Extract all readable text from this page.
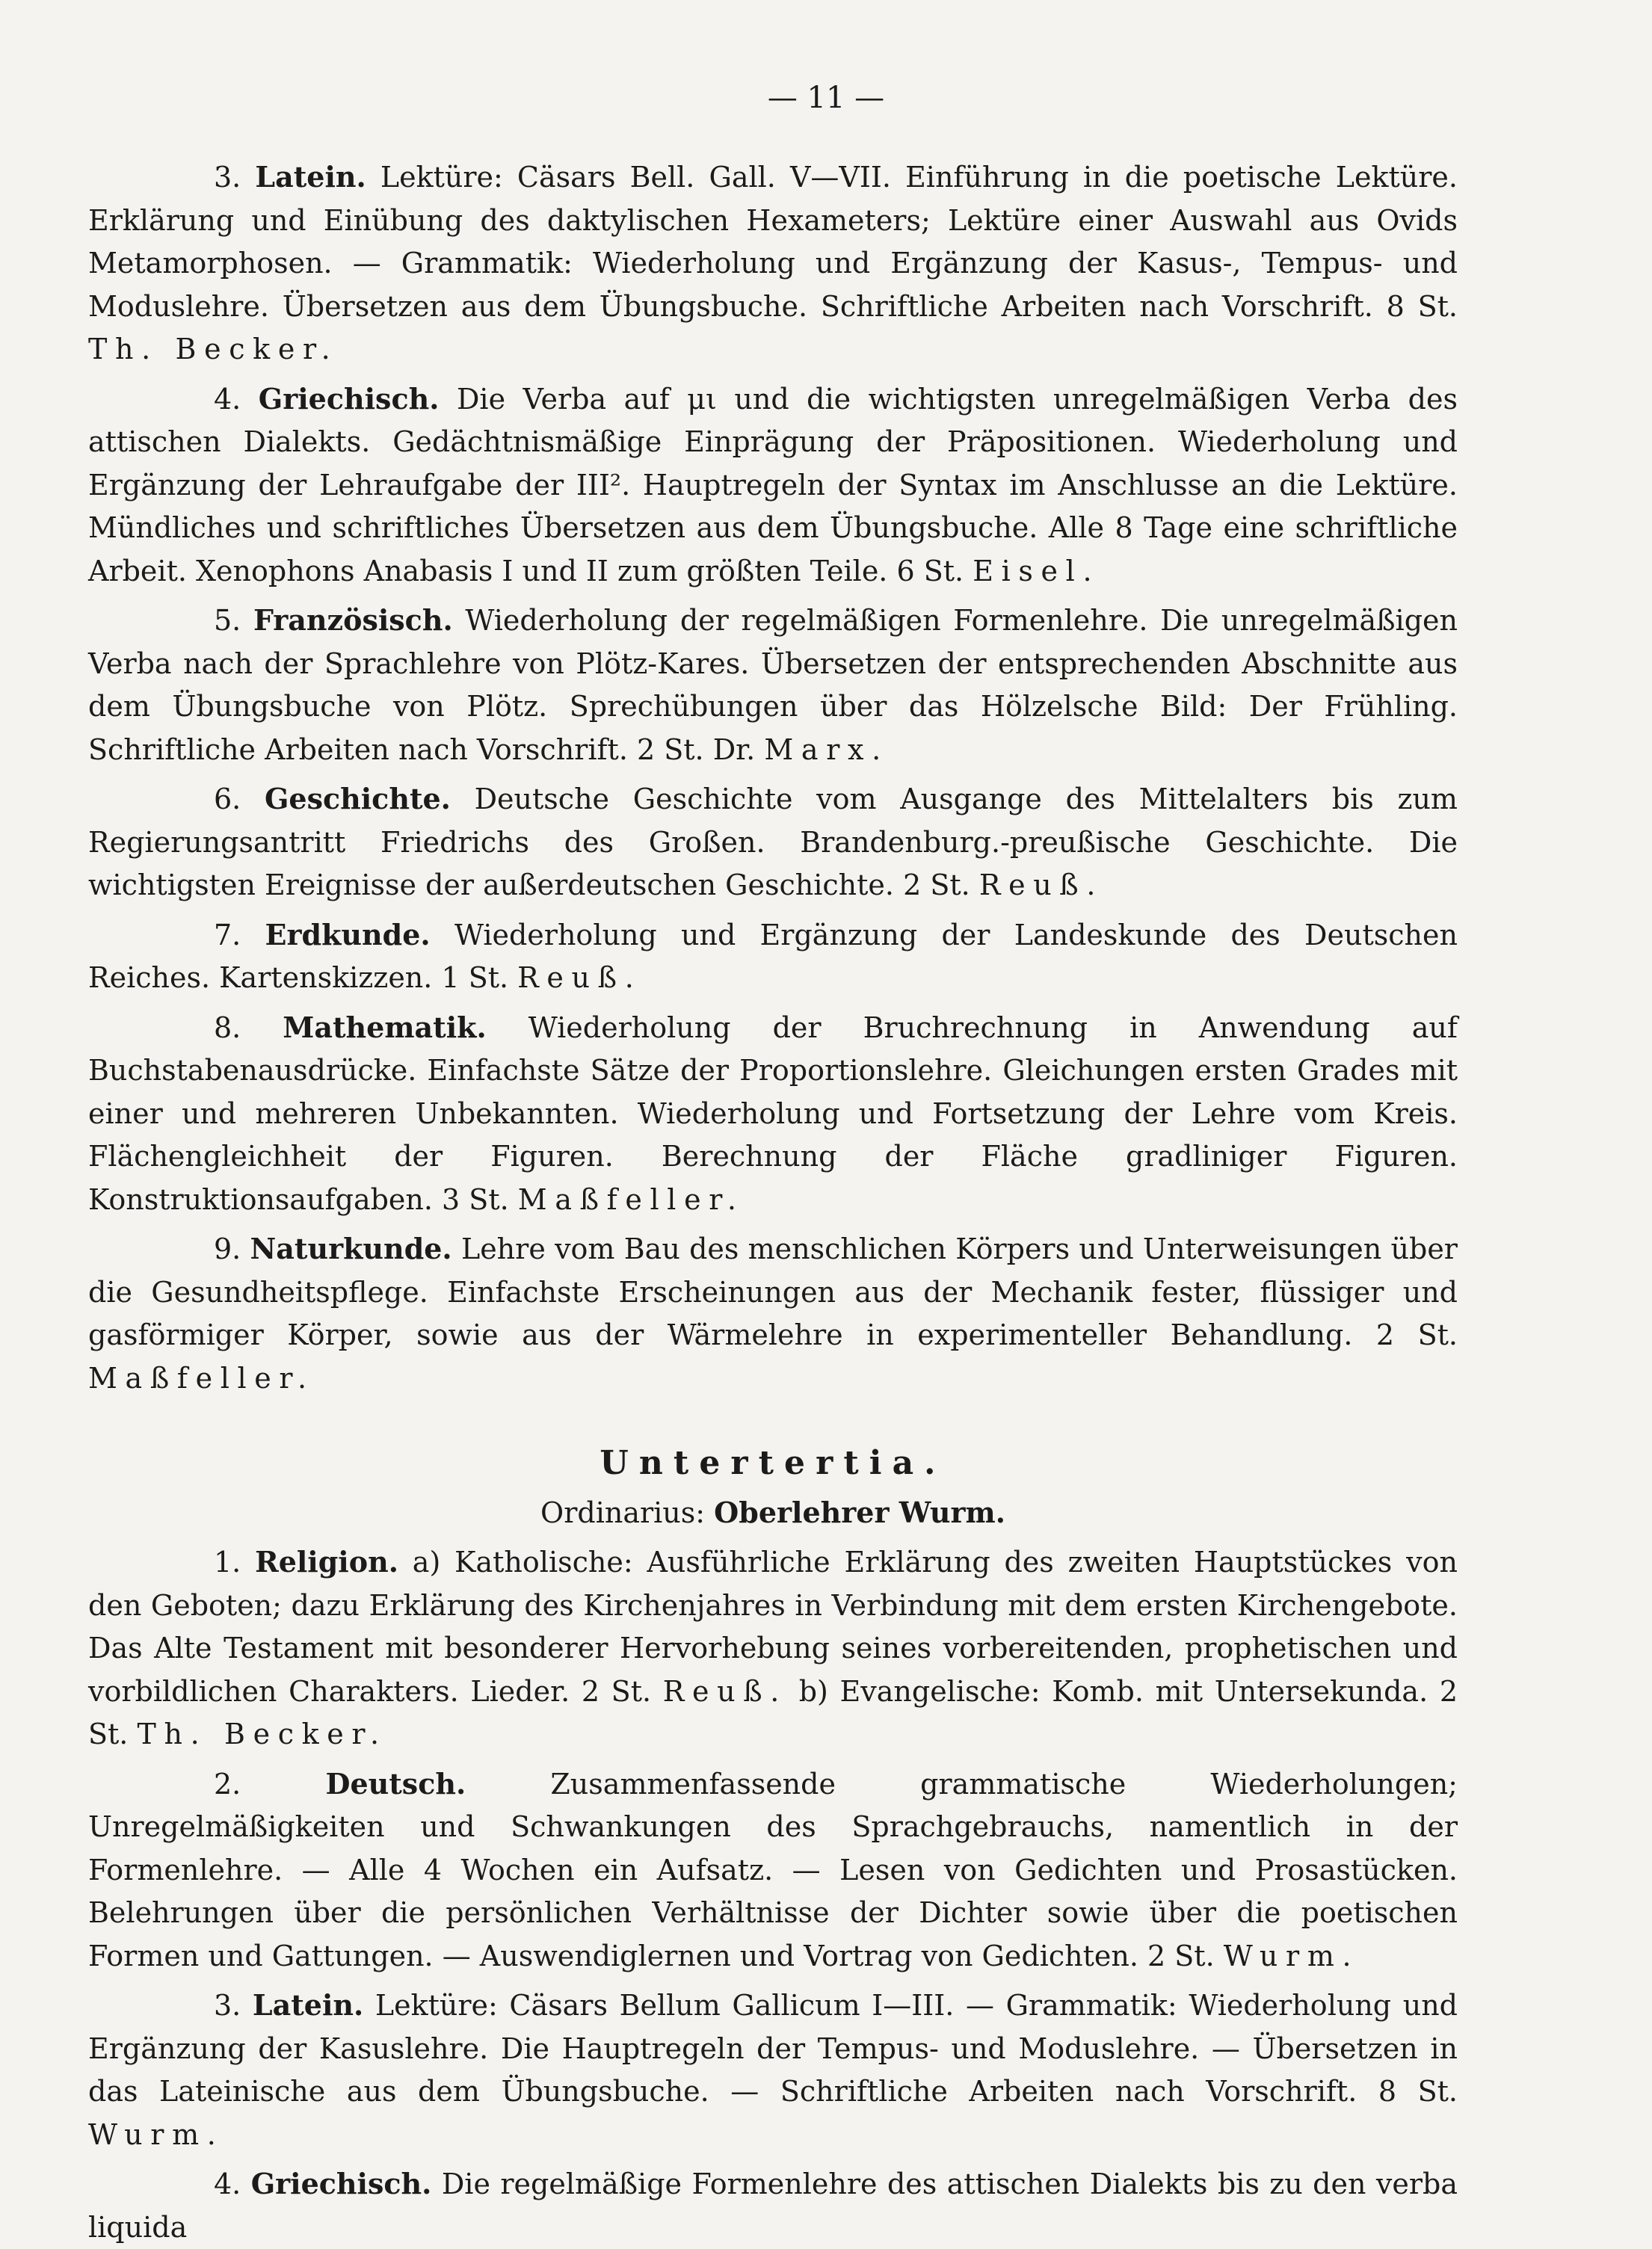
— 11 —

3. Latein. Lektüre: Cäsars Bell. Gall. V—VII. Einführung in die poetische Lektüre. Erklärung und Einübung des daktylischen Hexameters; Lektüre einer Auswahl aus Ovids Metamorphosen. — Grammatik: Wiederholung und Ergänzung der Kasus-, Tempus- und Moduslehre. Übersetzen aus dem Übungsbuche. Schriftliche Arbeiten nach Vorschrift. 8 St. Th. Becker.

4. Griechisch. Die Verba auf μι und die wichtigsten unregelmäßigen Verba des attischen Dialekts. Gedächtnismäßige Einprägung der Präpositionen. Wiederholung und Ergänzung der Lehraufgabe der III². Hauptregeln der Syntax im Anschlusse an die Lektüre. Mündliches und schriftliches Übersetzen aus dem Übungsbuche. Alle 8 Tage eine schriftliche Arbeit. Xenophons Anabasis I und II zum größten Teile. 6 St. Eisel.

5. Französisch. Wiederholung der regelmäßigen Formenlehre. Die unregelmäßigen Verba nach der Sprachlehre von Plötz-Kares. Übersetzen der entsprechenden Abschnitte aus dem Übungsbuche von Plötz. Sprechübungen über das Hölzelsche Bild: Der Frühling. Schriftliche Arbeiten nach Vorschrift. 2 St. Dr. Marx.

6. Geschichte. Deutsche Geschichte vom Ausgange des Mittelalters bis zum Regierungsantritt Friedrichs des Großen. Brandenburg.-preußische Geschichte. Die wichtigsten Ereignisse der außerdeutschen Geschichte. 2 St. Reuß.

7. Erdkunde. Wiederholung und Ergänzung der Landeskunde des Deutschen Reiches. Kartenskizzen. 1 St. Reuß.

8. Mathematik. Wiederholung der Bruchrechnung in Anwendung auf Buchstabenausdrücke. Einfachste Sätze der Proportionslehre. Gleichungen ersten Grades mit einer und mehreren Unbekannten. Wiederholung und Fortsetzung der Lehre vom Kreis. Flächengleichheit der Figuren. Berechnung der Fläche gradliniger Figuren. Konstruktionsaufgaben. 3 St. Maßfeller.

9. Naturkunde. Lehre vom Bau des menschlichen Körpers und Unterweisungen über die Gesundheitspflege. Einfachste Erscheinungen aus der Mechanik fester, flüssiger und gasförmiger Körper, sowie aus der Wärmelehre in experimenteller Behandlung. 2 St. Maßfeller.

Untertertia.

Ordinarius: Oberlehrer Wurm.

1. Religion. a) Katholische: Ausführliche Erklärung des zweiten Hauptstückes von den Geboten; dazu Erklärung des Kirchenjahres in Verbindung mit dem ersten Kirchengebote. Das Alte Testament mit besonderer Hervorhebung seines vorbereitenden, prophetischen und vorbildlichen Charakters. Lieder. 2 St. Reuß. b) Evangelische: Komb. mit Untersekunda. 2 St. Th. Becker.

2.	Deutsch.	Zusammenfassende grammatische Wiederholungen; Unregelmäßigkeiten und Schwankungen des Sprachgebrauchs, namentlich in der Formenlehre. — Alle 4 Wochen ein Aufsatz. — Lesen von Gedichten und Prosastücken. Belehrungen über die persönlichen Verhältnisse der Dichter sowie über die poetischen Formen und Gattungen. — Auswendiglernen und Vortrag von Gedichten. 2 St. Wurm.

3. Latein. Lektüre: Cäsars Bellum Gallicum I—III. — Grammatik: Wiederholung und Ergänzung der Kasuslehre. Die Hauptregeln der Tempus- und Moduslehre. — Übersetzen in das Lateinische aus dem Übungsbuche. — Schriftliche Arbeiten nach Vorschrift. 8 St. Wurm.

4. Griechisch. Die regelmäßige Formenlehre des attischen Dialekts bis zu den verba liquida
